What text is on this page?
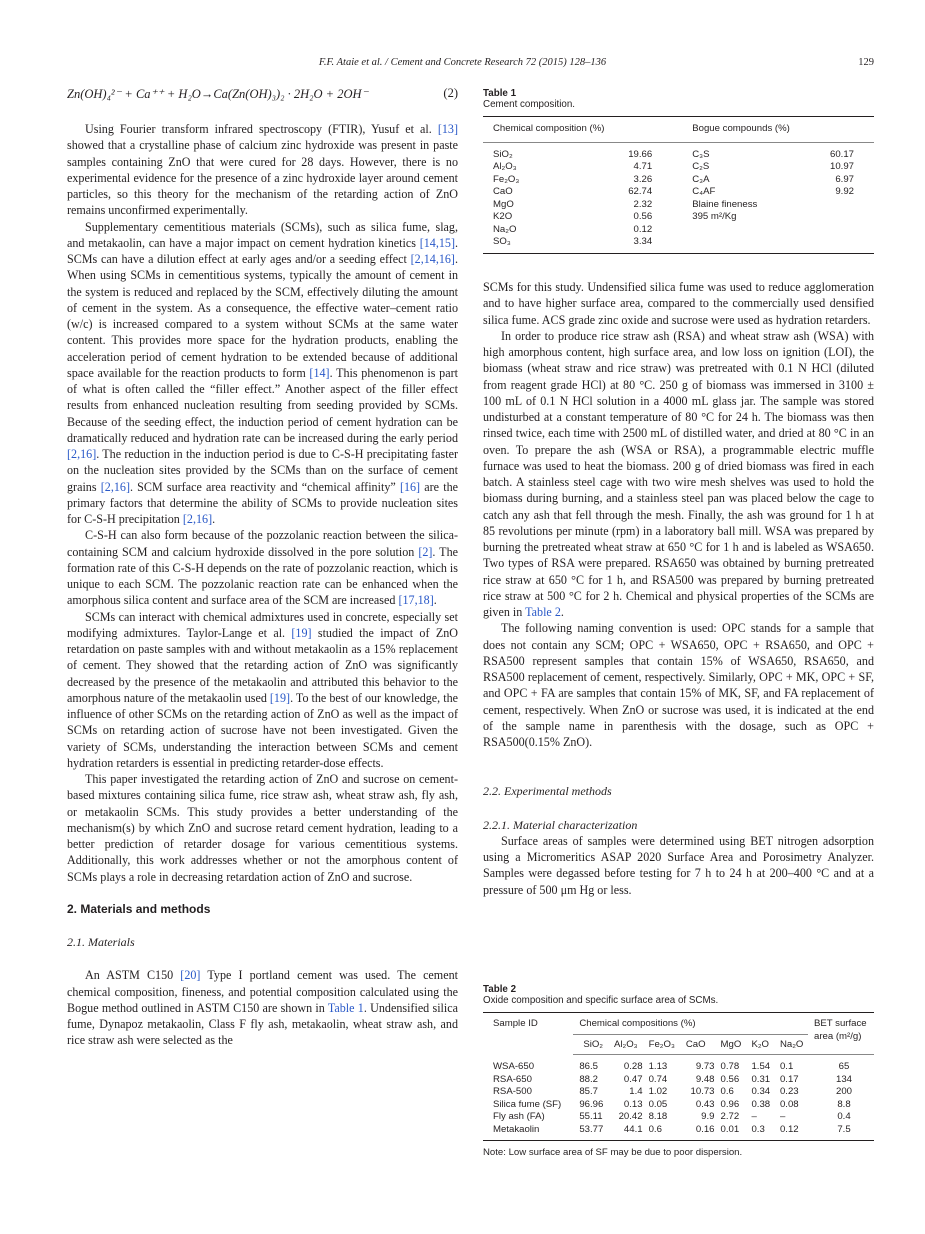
F.F. Ataie et al. / Cement and Concrete Research 72 (2015) 128–136	129
Zn(OH)₄²⁻ + Ca⁺⁺ + H₂O→Ca(Zn(OH)₃)₂ · 2H₂O + 2OH⁻	(2)

Using Fourier transform infrared spectroscopy (FTIR), Yusuf et al. [13] showed that a crystalline phase of calcium zinc hydroxide was present in paste samples containing ZnO that were cured for 28 days. However, there is no experimental evidence for the presence of a zinc hydroxide layer around cement particles, so this theory for the mechanism of the retarding action of ZnO remains unconfirmed experimentally.

Supplementary cementitious materials (SCMs), such as silica fume, slag, and metakaolin, can have a major impact on cement hydration kinetics [14,15]. SCMs can have a dilution effect at early ages and/or a seeding effect [2,14,16]. When using SCMs in cementitious systems, typically the amount of cement in the system is reduced and replaced by the SCM, effectively diluting the amount of cement in the system. As a consequence, the effective water–cement ratio (w/c) is increased compared to a system without SCMs at the same water content. This provides more space for the hydration products, enabling the acceleration period of cement hydration to be extended because of additional space available for the reaction products to form [14]. This phenomenon is part of what is often called the “filler effect.” Another aspect of the filler effect results from enhanced nucleation resulting from seeding provided by SCMs. Because of the seeding effect, the induction period of cement hydration can be dramatically reduced and hydration rate can be increased during the early period [2,16]. The reduction in the induction period is due to C-S-H precipitating faster on the nucleation sites provided by the SCMs than on the surface of cement grains [2,16]. SCM surface area reactivity and “chemical affinity” [16] are the primary factors that determine the ability of SCMs to provide nucleation sites for C-S-H precipitation [2,16].

C-S-H can also form because of the pozzolanic reaction between the silica-containing SCM and calcium hydroxide dissolved in the pore solution [2]. The formation rate of this C-S-H depends on the rate of pozzolanic reaction, which is unique to each SCM. The pozzolanic reaction rate can be enhanced when the amorphous silica content and surface area of the SCM are increased [17,18].

SCMs can interact with chemical admixtures used in concrete, especially set modifying admixtures. Taylor-Lange et al. [19] studied the impact of ZnO retardation on paste samples with and without metakaolin as a 15% replacement of cement. They showed that the retarding action of ZnO was significantly decreased by the presence of the metakaolin and attributed this behavior to the amorphous nature of the metakaolin used [19]. To the best of our knowledge, the influence of other SCMs on the retarding action of ZnO as well as the impact of SCMs on retarding action of sucrose have not been investigated. Given the variety of SCMs, understanding the interaction between SCMs and cement hydration retarders is essential in predicting retarder-dose effects.

This paper investigated the retarding action of ZnO and sucrose on cement-based mixtures containing silica fume, rice straw ash, wheat straw ash, fly ash, or metakaolin SCMs. This study provides a better understanding of the mechanism(s) by which ZnO and sucrose retard cement hydration, leading to a better prediction of retarder dosage for various cementitious systems. Additionally, this work addresses whether or not the amorphous content of SCMs plays a role in decreasing retardation action of ZnO and sucrose.

2. Materials and methods
2.1. Materials

An ASTM C150 [20] Type I portland cement was used. The cement chemical composition, fineness, and potential composition calculated using the Bogue method outlined in ASTM C150 are shown in Table 1. Undensified silica fume, Dynapoz metakaolin, Class F fly ash, metakaolin, wheat straw ash, and rice straw ash were selected as the

SCMs for this study. Undensified silica fume was used to reduce agglomeration and to have higher surface area, compared to the commercially used densified silica fume. ACS grade zinc oxide and sucrose were used as hydration retarders.

In order to produce rice straw ash (RSA) and wheat straw ash (WSA) with high amorphous content, high surface area, and low loss on ignition (LOI), the biomass (wheat straw and rice straw) was pretreated with 0.1 N HCl (diluted from reagent grade HCl) at 80 °C. 250 g of biomass was immersed in 3100 ± 100 mL of 0.1 N HCl solution in a 4000 mL glass jar. The sample was stored undisturbed at a constant temperature of 80 °C for 24 h. The biomass was then rinsed twice, each time with 2500 mL of distilled water, and dried at 80 °C in an oven. To prepare the ash (WSA or RSA), a programmable electric muffle furnace was used to heat the biomass. 200 g of dried biomass was fired in each batch. A stainless steel cage with two wire mesh shelves was used to hold the biomass during burning, and a stainless steel pan was placed below the cage to catch any ash that fell through the mesh. Finally, the ash was ground for 1 h at 85 revolutions per minute (rpm) in a laboratory ball mill. WSA was prepared by burning the pretreated wheat straw at 650 °C for 1 h and is labeled as WSA650. Two types of RSA were prepared. RSA650 was obtained by burning pretreated rice straw at 650 °C for 1 h, and RSA500 was prepared by burning pretreated rice straw at 500 °C for 2 h. Chemical and physical properties of the SCMs are given in Table 2.

The following naming convention is used: OPC stands for a sample that does not contain any SCM; OPC + WSA650, OPC + RSA650, and OPC + RSA500 represent samples that contain 15% of WSA650, RSA650, and RSA500 replacement of cement, respectively. Similarly, OPC + MK, OPC + SF, and OPC + FA are samples that contain 15% of MK, SF, and FA replacement of cement, respectively. When ZnO or sucrose was used, it is indicated at the end of the sample name in parenthesis with the dosage, such as OPC + RSA500(0.15% ZnO).

2.2. Experimental methods
2.2.1. Material characterization

Surface areas of samples were determined using BET nitrogen adsorption using a Micromeritics ASAP 2020 Surface Area and Porosimetry Analyzer. Samples were degassed before testing for 7 h to 24 h at 200–400 °C and at a pressure of 500 μm Hg or less.

Table 1
Cement composition.
Chemical composition (%)		Bogue compounds (%)	
SiO₂	19.66	C₃S	60.17
Al₂O₃	4.71	C₂S	10.97
Fe₂O₃	3.26	C₃A	6.97
CaO	62.74	C₄AF	9.92
MgO	2.32	Blaine fineness	
K2O	0.56	395 m²/Kg	
Na₂O	0.12		
SO₃	3.34		
Table 2
Oxide composition and specific surface area of SCMs.
Sample ID	Chemical compositions (%)							BET surface area (m²/g)
	SiO₂	Al₂O₃	Fe₂O₃	CaO	MgO	K₂O	Na₂O	
WSA-650	86.5	0.28	1.13	9.73	0.78	1.54	0.1	65
RSA-650	88.2	0.47	0.74	9.48	0.56	0.31	0.17	134
RSA-500	85.7	1.4	1.02	10.73	0.6	0.34	0.23	200
Silica fume (SF)	96.96	0.13	0.05	0.43	0.96	0.38	0.08	8.8
Fly ash (FA)	55.11	20.42	8.18	9.9	2.72	–	–	0.4
Metakaolin	53.77	44.1	0.6	0.16	0.01	0.3	0.12	7.5
Note: Low surface area of SF may be due to poor dispersion.
